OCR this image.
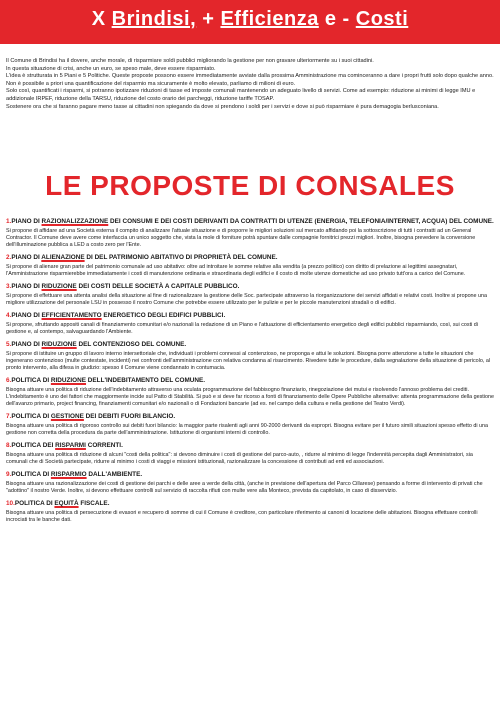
X Brindisi, + Efficienza e - Costi

Il Comune di Brindisi ha il dovere, anche morale, di risparmiare soldi pubblici migliorando la gestione per non gravare ulteriormente su i suoi cittadini.

In questa situazione di crisi, anche un euro, se speso male, deve essere risparmiato.

L'idea è strutturata in 5 Piani e 5 Politiche. Queste proposte possono essere immediatamente avviate dalla prossima Amministrazione ma cominceranno a dare i propri frutti solo dopo qualche anno. Non è possibile a priori una quantificazione del risparmio ma sicuramente è molto elevato, parliamo di milioni di euro.

Solo così, quantificati i risparmi, si potranno ipotizzare riduzioni di tasse ed imposte comunali mantenendo un adeguato livello di servizi. Come ad esempio: riduzione ai minimi di legge IMU e addizionale IRPEF, riduzione della TARSU, riduzione del costo orario dei parcheggi, riduzione tariffe TOSAP.

Sostenere ora che si faranno pagare meno tasse ai cittadini non spiegando da dove si prendono i soldi per i servizi e dove si può risparmiare è pura demagogia berlusconiana.

LE PROPOSTE DI CONSALES

1.PIANO DI RAZIONALIZZAZIONE DEI CONSUMI E DEI COSTI DERIVANTI DA CONTRATTI DI UTENZE (ENERGIA, TELEFONIA/INTERNET, ACQUA) DEL COMUNE.

Si propone di affidare ad una Società esterna il compito di analizzare l'attuale situazione e di proporre le migliori soluzioni sul mercato affidando poi la sottoscrizione di tutti i contratti ad un General Contractor. Il Comune deve avere come interfaccia un unico soggetto che, vista la mole di forniture potrà spuntare dalle compagnie fornitrici prezzi migliori. Inoltre, bisogna prevedere la conversione dell'illuminazione pubblica a LED a costo zero per l'Ente.

2.PIANO DI ALIENAZIONE DI DEL PATRIMONIO ABITATIVO DI PROPRIETÀ DEL COMUNE.

Si propone di alienare gran parte del patrimonio comunale ad uso abitativo: oltre ad introitare le somme relative alla vendita (a prezzo politico) con diritto di prelazione ai legittimi assegnatari, l'Amministrazione risparmierebbe immediatamente i costi di manutenzione ordinaria e straordinaria degli edifici e il costo di molte utenze domestiche ad uso privato tutt'ora a carico del Comune.

3.PIANO DI RIDUZIONE DEI COSTI DELLE SOCIETÀ A CAPITALE PUBBLICO.

Si propone di effettuare una attenta analisi della situazione al fine di razionalizzare la gestione delle Soc. partecipate attraverso la riorganizzazione dei servizi affidati e relativi costi. Inoltre si propone una migliore utilizzazione del personale LSU in possesso il nostro Comune che potrebbe essere utilizzato per le pulizie e per le piccole manutenzioni stradali o di edifici.

4.PIANO DI EFFICIENTAMENTO ENERGETICO DEGLI EDIFICI PUBBLICI.

Si propone, sfruttando appositi canali di finanziamento comunitari e/o nazionali la redazione di un Piano e l'attuazione di efficientamento energetico degli edifici pubblici risparmiando, così, sui costi di gestione e, al contempo, salvaguardando l'Ambiente.

5.PIANO DI RIDUZIONE DEL CONTENZIOSO DEL COMUNE.

Si propone di istituire un gruppo di lavoro interno intersettoriale che, individuati i problemi connessi al contenzioso, ne proponga e attui le soluzioni. Bisogna porre attenzione a tutte le situazioni che ingenerano contenzioso (multe contestate, incidenti) nei confronti dell'amministrazione con relativa condanna al risarcimento. Rivedere tutte le procedure, dalla segnalazione della situazione di pericolo, al pronto intervento, alla difesa in giudizio: spesso il Comune viene condannato in contumacia.

6.POLITICA DI RIDUZIONE DELL'INDEBITAMENTO DEL COMUNE.

Bisogna attuare una politica di riduzione dell'indebitamento attraverso una oculata programmazione del fabbisogno finanziario, rinegoziazione dei mutui e risolvendo l'annoso problema dei crediti. L'indebitamento è uno dei fattori che maggiormente incide sul Patto di Stabilità. Si può e si deve far ricorso a fonti di finanziamento delle Opere Pubbliche alternative: attenta programmazione della gestione dell'avanzo primario, project financing, finanziamenti comunitari e/o nazionali o di Fondazioni bancarie (ad es. nel campo della cultura e nella gestione del Teatro Verdi).

7.POLITICA DI GESTIONE DEI DEBITI FUORI BILANCIO.

Bisogna attuare una politica di rigoroso controllo sui debiti fuori bilancio: la maggior parte risalenti agli anni 90-2000 derivanti da espropri. Bisogna evitare per il futuro simili situazioni spesso effetto di una gestione non corretta della procedura da parte dell'amministrazione. Istituzione di organismi interni di controllo.

8.POLITICA DEI RISPARMI CORRENTI.

Bisogna attuare una politica di riduzione di alcuni "costi della politica": si devono diminuire i costi di gestione del parco-auto, , ridurre al minimo di legge l'indennità percepita dagli Amministratori, sia comunali che di Società partecipate, ridurre al minimo i costi di viaggi e missioni istituzionali, razionalizzare la concessione di contributi ad enti ed associazioni.

9.POLITICA DI RISPARMIO DALL'AMBIENTE.

Bisogna attuare una razionalizzazione dei costi di gestione dei parchi e delle aree a verde della città, (anche in previsione dell'apertura del Parco Cillarese) pensando a forme di intervento di privati che "adottino" il nostro Verde. Inoltre, si devono effettuare controlli sul servizio di raccolta rifiuti con multe vere alla Monteco, prevista da capitolato, in caso di disservizio.

10.POLITICA DI EQUITÀ FISCALE.

Bisogna attuare una politica di persecuzione di evasori e recupero di somme di cui il Comune è creditore, con particolare riferimento ai canoni di locazione delle abitazioni. Bisogna effettuare controlli incrociati tra le banche dati.
